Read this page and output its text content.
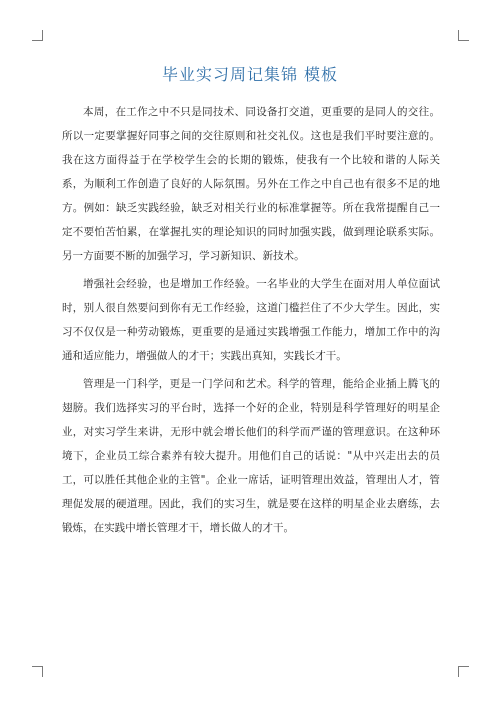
毕业实习周记集锦 模板

本周，在工作之中不只是同技术、同设备打交道，更重要的是同人的交往。所以一定要掌握好同事之间的交往原则和社交礼仪。这也是我们平时要注意的。我在这方面得益于在学校学生会的长期的锻炼，使我有一个比较和谐的人际关系，为顺利工作创造了良好的人际氛围。另外在工作之中自己也有很多不足的地方。例如：缺乏实践经验，缺乏对相关行业的标准掌握等。所在我常提醒自己一定不要怕苦怕累，在掌握扎实的理论知识的同时加强实践，做到理论联系实际。另一方面要不断的加强学习，学习新知识、新技术。

增强社会经验，也是增加工作经验。一名毕业的大学生在面对用人单位面试时，别人很自然要问到你有无工作经验，这道门槛拦住了不少大学生。因此，实习不仅仅是一种劳动锻炼，更重要的是通过实践增强工作能力，增加工作中的沟通和适应能力，增强做人的才干；实践出真知，实践长才干。

管理是一门科学，更是一门学问和艺术。科学的管理，能给企业插上腾飞的翅膀。我们选择实习的平台时，选择一个好的企业，特别是科学管理好的明星企业，对实习学生来讲，无形中就会增长他们的科学而严谨的管理意识。在这种环境下，企业员工综合素养有较大提升。用他们自己的话说："从中兴走出去的员工，可以胜任其他企业的主管"。企业一席话，证明管理出效益，管理出人才，管理促发展的硬道理。因此，我们的实习生，就是要在这样的明星企业去磨练，去锻炼，在实践中增长管理才干，增长做人的才干。
